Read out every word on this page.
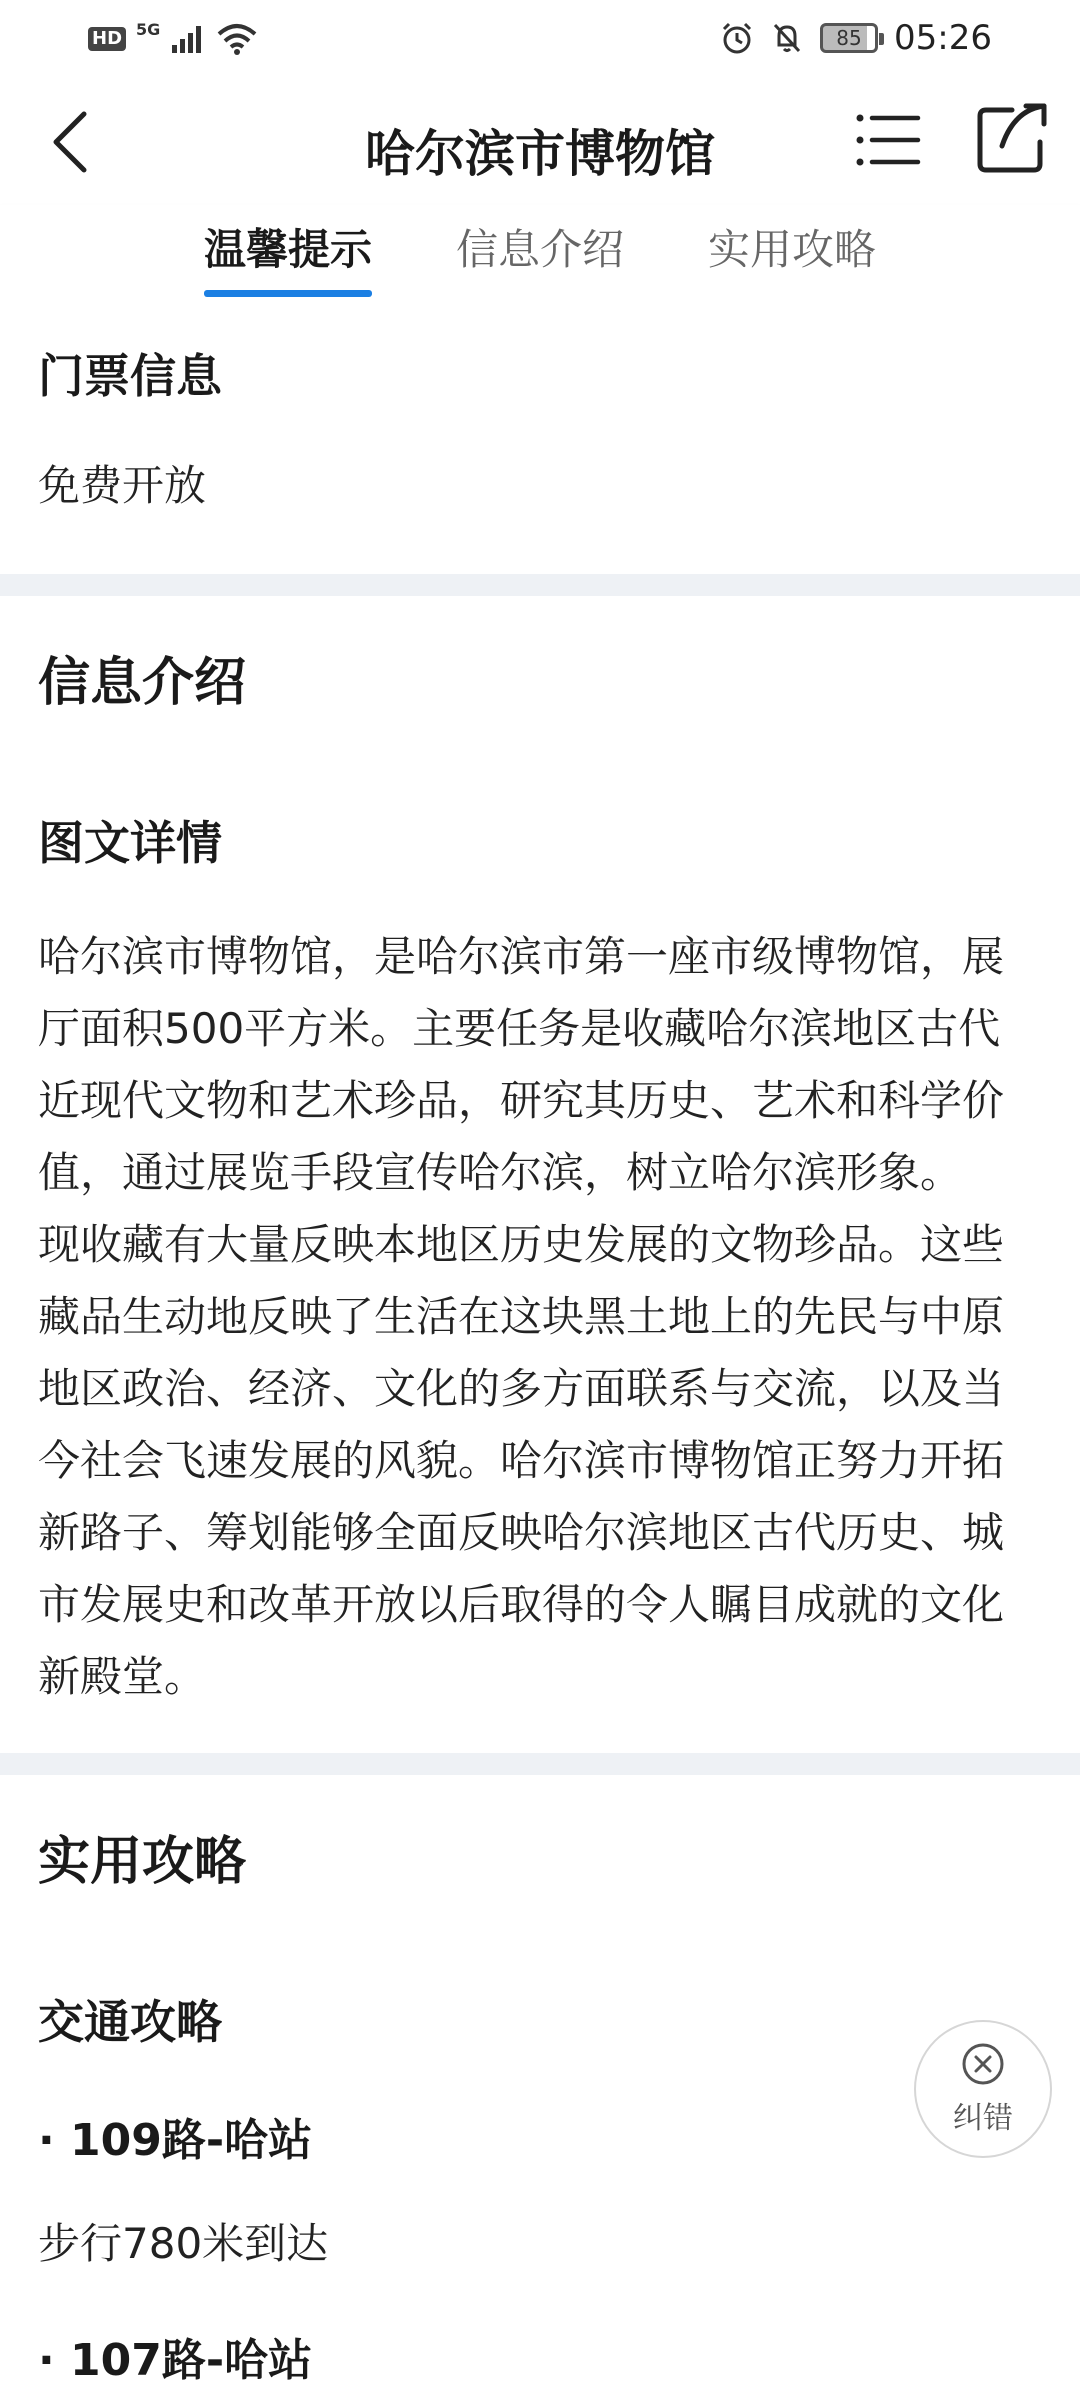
HD 5G	85 05:26
哈尔滨市博物馆
温馨提示 信息介绍 实用攻略
门票信息
免费开放
信息介绍
图文详情
哈尔滨市博物馆，是哈尔滨市第一座市级博物馆，展厅面积500平方米。主要任务是收藏哈尔滨地区古代近现代文物和艺术珍品，研究其历史、艺术和科学价值，通过展览手段宣传哈尔滨，树立哈尔滨形象。
现收藏有大量反映本地区历史发展的文物珍品。这些藏品生动地反映了生活在这块黑土地上的先民与中原地区政治、经济、文化的多方面联系与交流，以及当今社会飞速发展的风貌。哈尔滨市博物馆正努力开拓新路子、筹划能够全面反映哈尔滨地区古代历史、城市发展史和改革开放以后取得的令人瞩目成就的文化新殿堂。
实用攻略
交通攻略
· 109路-哈站
步行780米到达
· 107路-哈站
纠错
